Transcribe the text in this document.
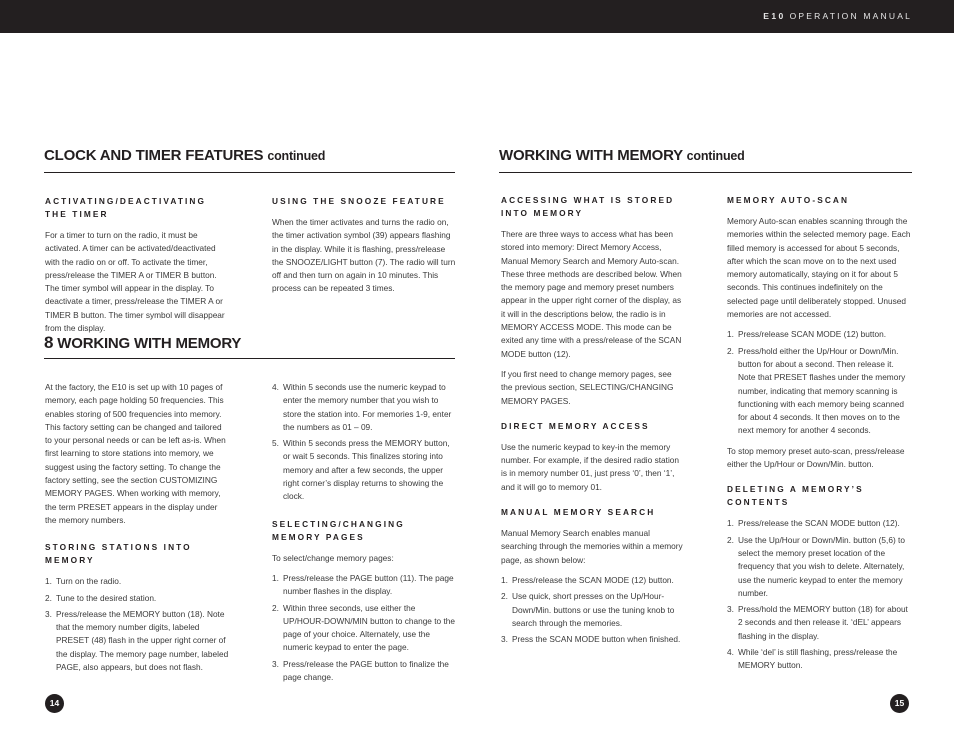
E10 OPERATION MANUAL
CLOCK AND TIMER FEATURES continued
ACTIVATING/DEACTIVATING THE TIMER

For a timer to turn on the radio, it must be activated. A timer can be activated/deactivated with the radio on or off. To activate the timer, press/release the TIMER A or TIMER B button. The timer symbol will appear in the display. To deactivate a timer, press/release the TIMER A or TIMER B button. The timer symbol will disappear from the display.

USING THE SNOOZE FEATURE

When the timer activates and turns the radio on, the timer activation symbol (39) appears flashing in the display. While it is flashing, press/release the SNOOZE/LIGHT button (7). The radio will turn off and then turn on again in 10 minutes. This process can be repeated 3 times.

8 WORKING WITH MEMORY

At the factory, the E10 is set up with 10 pages of memory, each page holding 50 frequencies. This enables storing of 500 frequencies into memory. This factory setting can be changed and tailored to your personal needs or can be left as-is. When first learning to store stations into memory, we suggest using the factory setting. To change the factory setting, see the section CUSTOMIZING MEMORY PAGES. When working with memory, the term PRESET appears in the display under the memory numbers.

STORING STATIONS INTO MEMORY
1. Turn on the radio.
2. Tune to the desired station.
3. Press/release the MEMORY button (18). Note that the memory number digits, labeled PRESET (48) flash in the upper right corner of the display. The memory page number, labeled PAGE, also appears, but does not flash.
4. Within 5 seconds use the numeric keypad to enter the memory number that you wish to store the station into. For memories 1-9, enter the numbers as 01 – 09.
5. Within 5 seconds press the MEMORY button, or wait 5 seconds. This finalizes storing into memory and after a few seconds, the upper right corner’s display returns to showing the clock.
SELECTING/CHANGING MEMORY PAGES

To select/change memory pages:

1. Press/release the PAGE button (11). The page number flashes in the display.
2. Within three seconds, use either the UP/HOUR-DOWN/MIN button to change to the page of your choice. Alternately, use the numeric keypad to enter the page.
3. Press/release the PAGE button to finalize the page change.
14
WORKING WITH MEMORY continued
ACCESSING WHAT IS STORED INTO MEMORY

There are three ways to access what has been stored into memory: Direct Memory Access, Manual Memory Search and Memory Auto-scan. These three methods are described below. When the memory page and memory preset numbers appear in the upper right corner of the display, as it will in the descriptions below, the radio is in MEMORY ACCESS MODE. This mode can be exited any time with a press/release of the SCAN MODE button (12).

If you first need to change memory pages, see the previous section, SELECTING/CHANGING MEMORY PAGES.

DIRECT MEMORY ACCESS

Use the numeric keypad to key-in the memory number. For example, if the desired radio station is in memory number 01, just press ‘0’, then ‘1’, and it will go to memory 01.

MANUAL MEMORY SEARCH

Manual Memory Search enables manual searching through the memories within a memory page, as shown below:

1. Press/release the SCAN MODE (12) button.
2. Use quick, short presses on the Up/Hour-Down/Min. buttons or use the tuning knob to search through the memories.
3. Press the SCAN MODE button when finished.
MEMORY AUTO-SCAN

Memory Auto-scan enables scanning through the memories within the selected memory page. Each filled memory is accessed for about 5 seconds, after which the scan move on to the next used memory automatically, staying on it for about 5 seconds. This continues indefinitely on the selected page until deliberately stopped. Unused memories are not accessed.

1. Press/release SCAN MODE (12) button.
2. Press/hold either the Up/Hour or Down/Min. button for about a second. Then release it. Note that PRESET flashes under the memory number, indicating that memory scanning is functioning with each memory being scanned for about 4 seconds. It then moves on to the next memory for another 4 seconds.

To stop memory preset auto-scan, press/release either the Up/Hour or Down/Min. button.

DELETING A MEMORY’S CONTENTS
1. Press/release the SCAN MODE button (12).
2. Use the Up/Hour or Down/Min. button (5,6) to select the memory preset location of the frequency that you wish to delete. Alternately, use the numeric keypad to enter the memory number.
3. Press/hold the MEMORY button (18) for about 2 seconds and then release it. ‘dEL’ appears flashing in the display.
4. While ‘del’ is still flashing, press/release the MEMORY button.
15
